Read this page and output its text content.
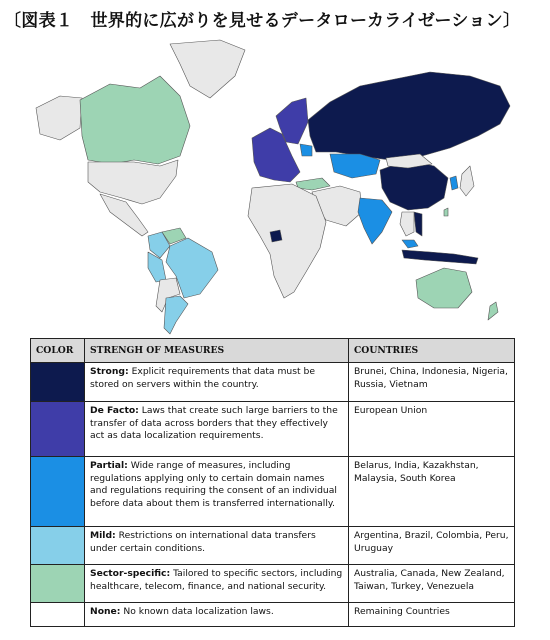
〔図表１　世界的に広がりを見せるデータローカライゼーション〕
COLOR	STRENGH OF MEASURES	COUNTRIES
	Strong: Explicit requirements that data must be stored on servers within the country.	Brunei, China, Indonesia, Nigeria, Russia, Vietnam
	De Facto: Laws that create such large barriers to the transfer of data across borders that they effectively act as data localization requirements.	European Union
	Partial: Wide range of measures, including regulations applying only to certain domain names and regulations requiring the consent of an individual before data about them is transferred internationally.	Belarus, India, Kazakhstan, Malaysia, South Korea
	Mild: Restrictions on international data transfers under certain conditions.	Argentina, Brazil, Colombia, Peru, Uruguay
	Sector-specific: Tailored to specific sectors, including healthcare, telecom, finance, and national security.	Australia, Canada, New Zealand, Taiwan, Turkey, Venezuela
	None: No known data localization laws.	Remaining Countries
